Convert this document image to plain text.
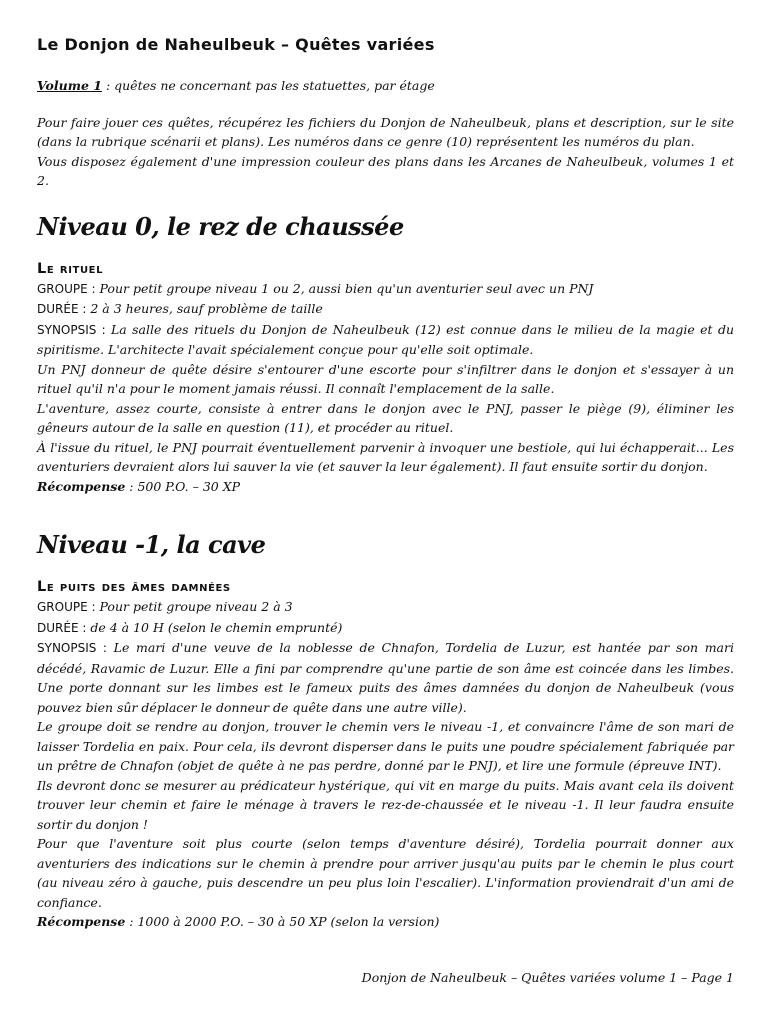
Le Donjon de Naheulbeuk – Quêtes variées

Volume 1 : quêtes ne concernant pas les statuettes, par étage

Pour faire jouer ces quêtes, récupérez les fichiers du Donjon de Naheulbeuk, plans et description, sur le site (dans la rubrique scénarii et plans). Les numéros dans ce genre (10) représentent les numéros du plan.

Vous disposez également d'une impression couleur des plans dans les Arcanes de Naheulbeuk, volumes 1 et 2.

Niveau 0, le rez de chaussée
Le rituel

GROUPE : Pour petit groupe niveau 1 ou 2, aussi bien qu'un aventurier seul avec un PNJ

DURÉE : 2 à 3 heures, sauf problème de taille

SYNOPSIS : La salle des rituels du Donjon de Naheulbeuk (12) est connue dans le milieu de la magie et du spiritisme. L'architecte l'avait spécialement conçue pour qu'elle soit optimale.

Un PNJ donneur de quête désire s'entourer d'une escorte pour s'infiltrer dans le donjon et s'essayer à un rituel qu'il n'a pour le moment jamais réussi. Il connaît l'emplacement de la salle.

L'aventure, assez courte, consiste à entrer dans le donjon avec le PNJ, passer le piège (9), éliminer les gêneurs autour de la salle en question (11), et procéder au rituel.

À l'issue du rituel, le PNJ pourrait éventuellement parvenir à invoquer une bestiole, qui lui échapperait... Les aventuriers devraient alors lui sauver la vie (et sauver la leur également). Il faut ensuite sortir du donjon.

Récompense : 500 P.O. – 30 XP

Niveau -1, la cave
Le puits des âmes damnées

GROUPE : Pour petit groupe niveau 2 à 3

DURÉE : de 4 à 10 H (selon le chemin emprunté)

SYNOPSIS : Le mari d'une veuve de la noblesse de Chnafon, Tordelia de Luzur, est hantée par son mari décédé, Ravamic de Luzur. Elle a fini par comprendre qu'une partie de son âme est coincée dans les limbes. Une porte donnant sur les limbes est le fameux puits des âmes damnées du donjon de Naheulbeuk (vous pouvez bien sûr déplacer le donneur de quête dans une autre ville).

Le groupe doit se rendre au donjon, trouver le chemin vers le niveau -1, et convaincre l'âme de son mari de laisser Tordelia en paix. Pour cela, ils devront disperser dans le puits une poudre spécialement fabriquée par un prêtre de Chnafon (objet de quête à ne pas perdre, donné par le PNJ), et lire une formule (épreuve INT).

Ils devront donc se mesurer au prédicateur hystérique, qui vit en marge du puits. Mais avant cela ils doivent trouver leur chemin et faire le ménage à travers le rez-de-chaussée et le niveau -1. Il leur faudra ensuite sortir du donjon !

Pour que l'aventure soit plus courte (selon temps d'aventure désiré), Tordelia pourrait donner aux aventuriers des indications sur le chemin à prendre pour arriver jusqu'au puits par le chemin le plus court (au niveau zéro à gauche, puis descendre un peu plus loin l'escalier). L'information proviendrait d'un ami de confiance.

Récompense : 1000 à 2000 P.O. – 30 à 50 XP (selon la version)

Donjon de Naheulbeuk – Quêtes variées volume 1 – Page 1
